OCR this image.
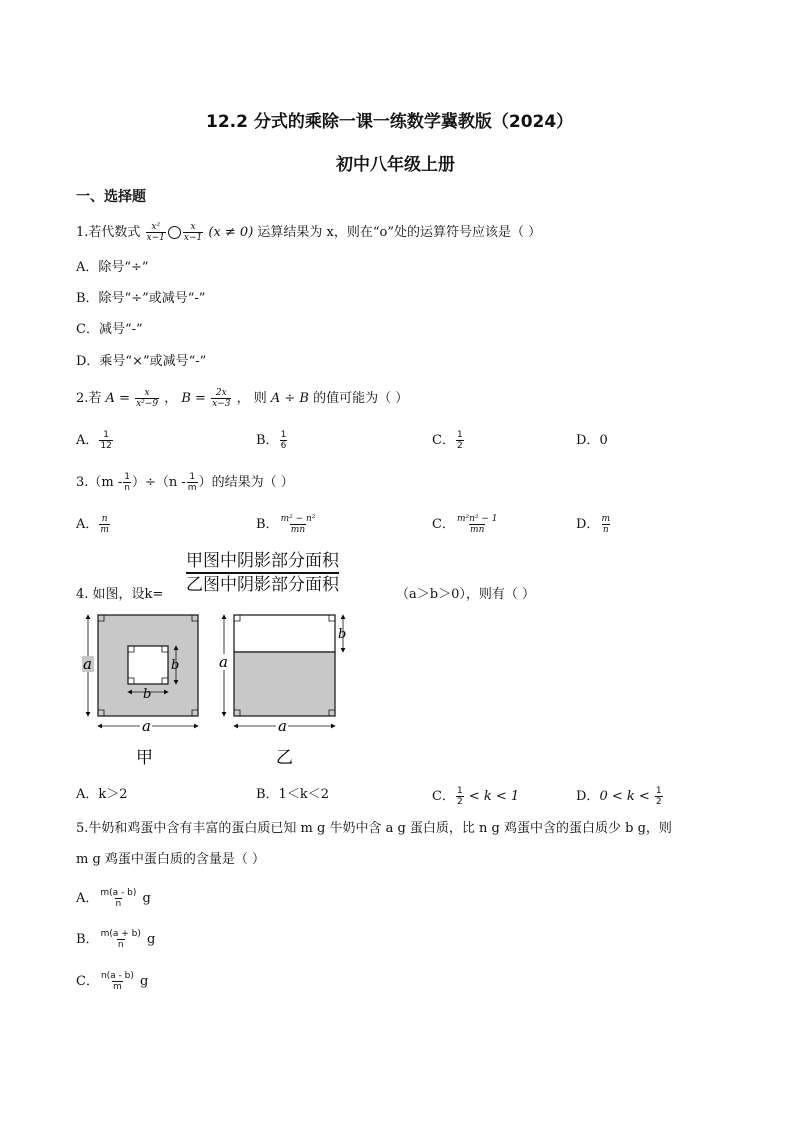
12.2 分式的乘除一课一练数学冀教版（2024）
初中八年级上册
一、选择题
1.若代数式 $\frac{\text{x²}}{x-1} \frac{x}{x-1} (x \ne 0)$ 运算结果为 x，则在“o”处的运算符号应该是（ ）
A．除号“÷”
B．除号“÷”或减号“-”
C．减号“-”
D．乘号“×”或减号“-”
2.若 $A = \frac{x}{\text{x²−9}}$ ， $B = \frac{2x}{x-3}$ ， 则 A ÷ B 的值可能为（ ）
A． $\frac{1}{12}$	B． $\frac{1}{6}$	C． $\frac{1}{2}$	D．0
$3.(m - \frac{1}{n} )\div(n - \frac{1}{m}$ ）的结果为（ ）
A． $\frac{n}{m}$	B． $\frac{\text{m² − n²}}{mn}$	C． $\frac{\text{m²n² − 1}}{mn}$	D． $\frac{m}{n}$
4. 如图，设k=
甲图中阴影部分面积
乙图中阴影部分面积	（a＞b＞0），则有（ ）
a
a
b
b
甲
a
a
b
乙
A．k＞2	B．1＜k＜2	C． $\frac{1}{2} < k < 1$	D．$0 < k < \frac{1}{2}$
5.牛奶和鸡蛋中含有丰富的蛋白质已知 m g 牛奶中含 a g 蛋白质，比 n g 鸡蛋中含的蛋白质少 b g，则
m g 鸡蛋中蛋白质的含量是（ ）
A． $\frac{m(a - b)}{n}$ g
B． $\frac{m(a + b)}{n}$ g
C． $\frac{n(a - b)}{m}$ g
